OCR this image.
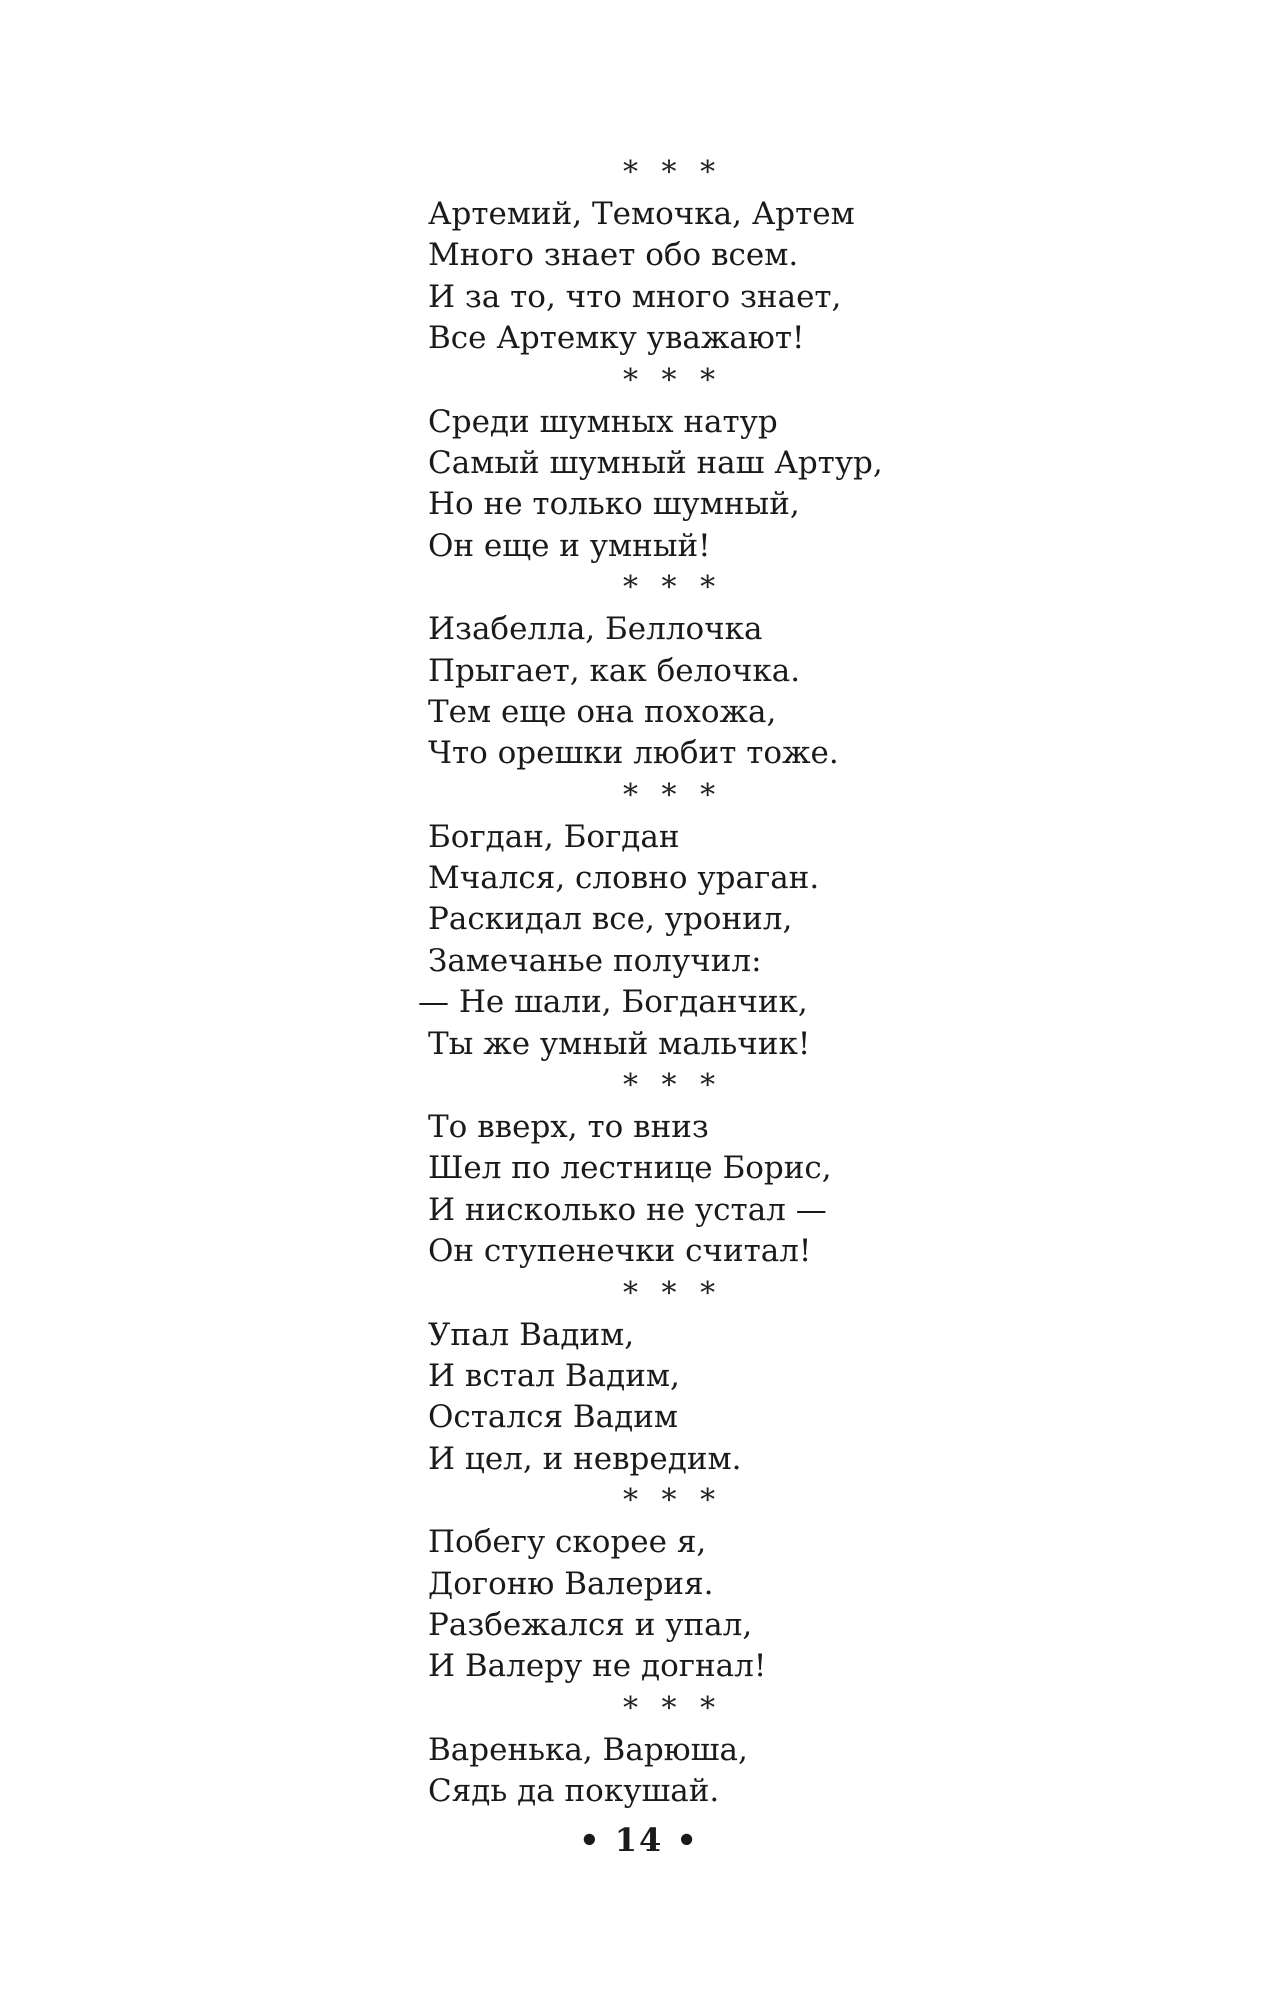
* * *
Артемий, Темочка, Артем
Много знает обо всем.
И за то, что много знает,
Все Артемку уважают!
* * *
Среди шумных натур
Самый шумный наш Артур,
Но не только шумный,
Он еще и умный!
* * *
Изабелла, Беллочка
Прыгает, как белочка.
Тем еще она похожа,
Что орешки любит тоже.
* * *
Богдан, Богдан
Мчался, словно ураган.
Раскидал все, уронил,
Замечанье получил:
— Не шали, Богданчик,
Ты же умный мальчик!
* * *
То вверх, то вниз
Шел по лестнице Борис,
И нисколько не устал —
Он ступенечки считал!
* * *
Упал Вадим,
И встал Вадим,
Остался Вадим
И цел, и невредим.
* * *
Побегу скорее я,
Догоню Валерия.
Разбежался и упал,
И Валеру не догнал!
* * *
Варенька, Варюша,
Сядь да покушай.
• 14 •
